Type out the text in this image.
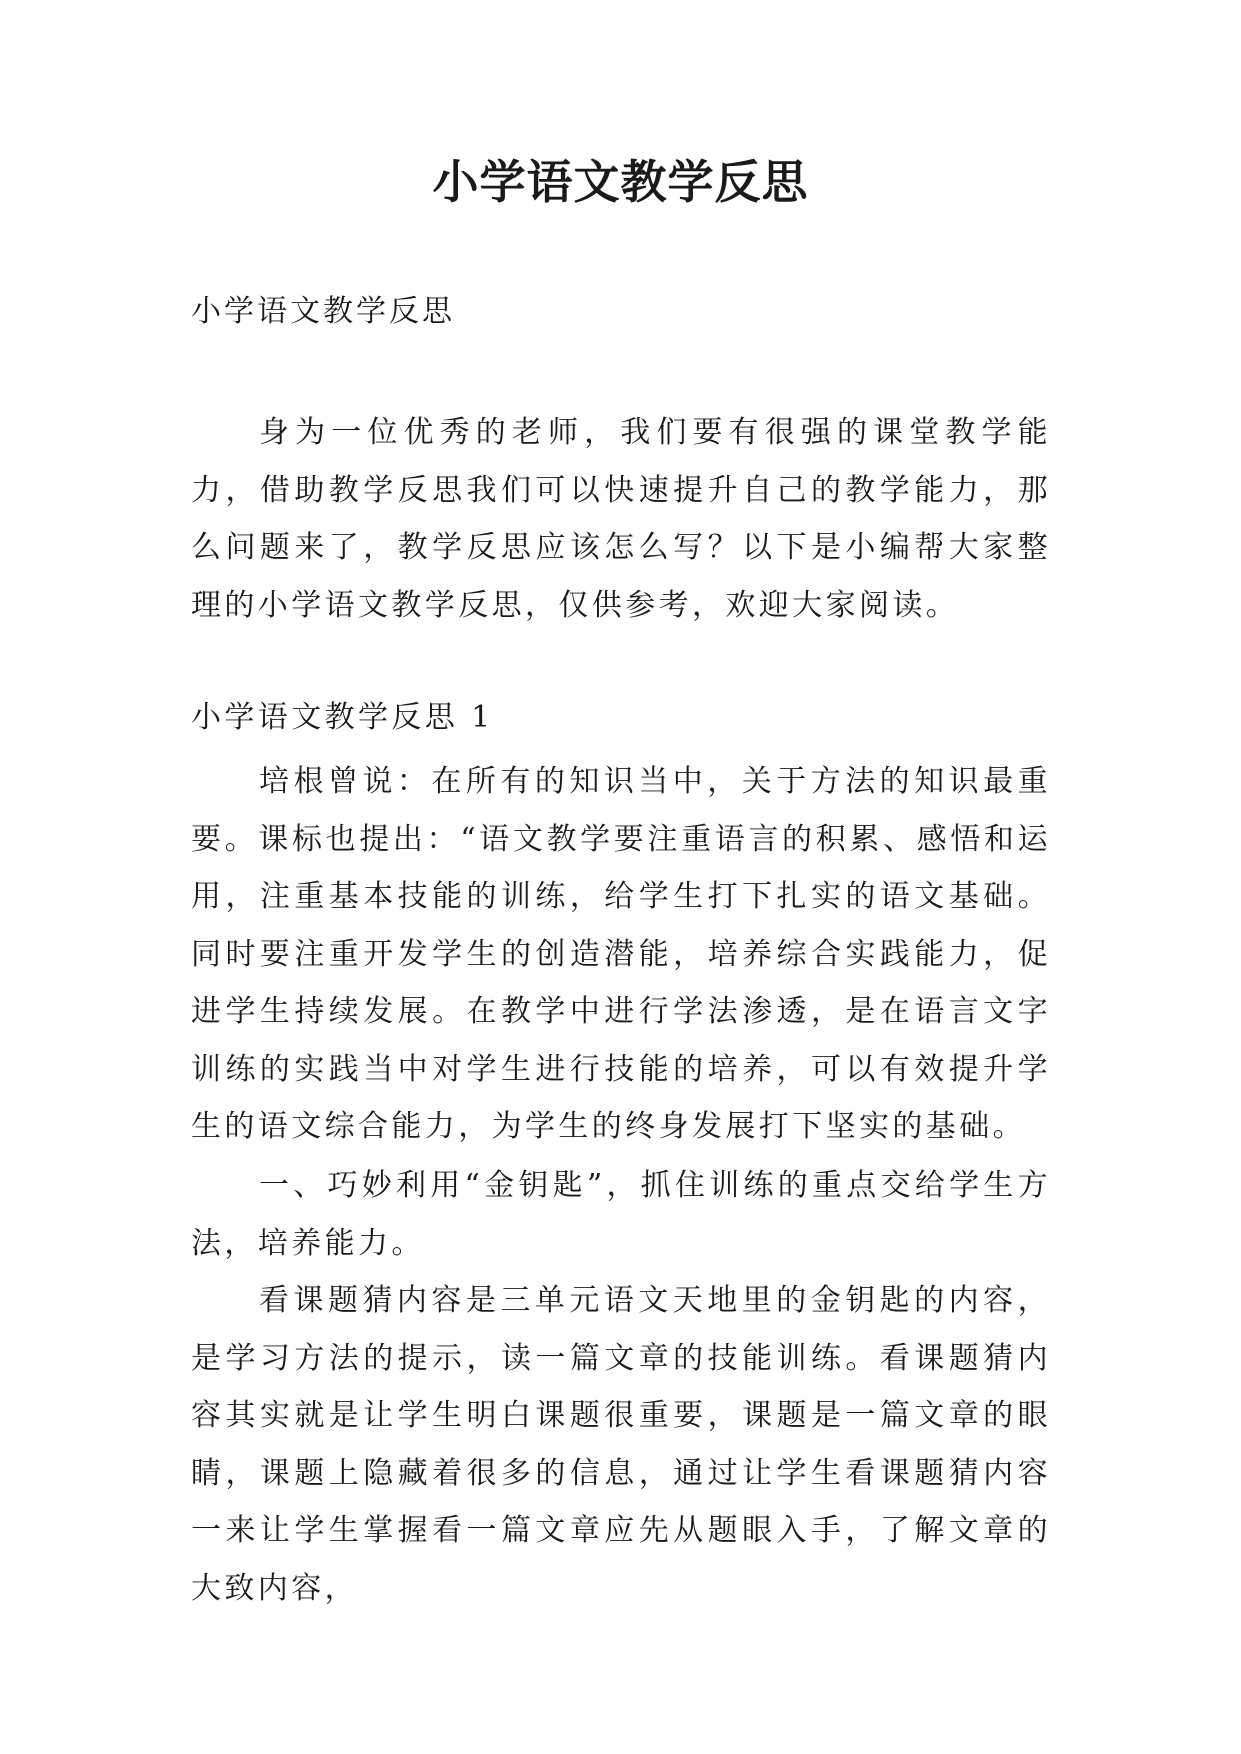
小学语文教学反思

小学语文教学反思

身为一位优秀的老师，我们要有很强的课堂教学能力，借助教学反思我们可以快速提升自己的教学能力，那么问题来了，教学反思应该怎么写？以下是小编帮大家整理的小学语文教学反思，仅供参考，欢迎大家阅读。

小学语文教学反思 1

培根曾说：在所有的知识当中，关于方法的知识最重要。课标也提出：“语文教学要注重语言的积累、感悟和运用，注重基本技能的训练，给学生打下扎实的语文基础。同时要注重开发学生的创造潜能，培养综合实践能力，促进学生持续发展。在教学中进行学法渗透，是在语言文字训练的实践当中对学生进行技能的培养，可以有效提升学生的语文综合能力，为学生的终身发展打下坚实的基础。

一、巧妙利用“金钥匙”，抓住训练的重点交给学生方法，培养能力。

看课题猜内容是三单元语文天地里的金钥匙的内容，是学习方法的提示，读一篇文章的技能训练。看课题猜内容其实就是让学生明白课题很重要，课题是一篇文章的眼睛，课题上隐藏着很多的信息，通过让学生看课题猜内容一来让学生掌握看一篇文章应先从题眼入手，了解文章的大致内容，
